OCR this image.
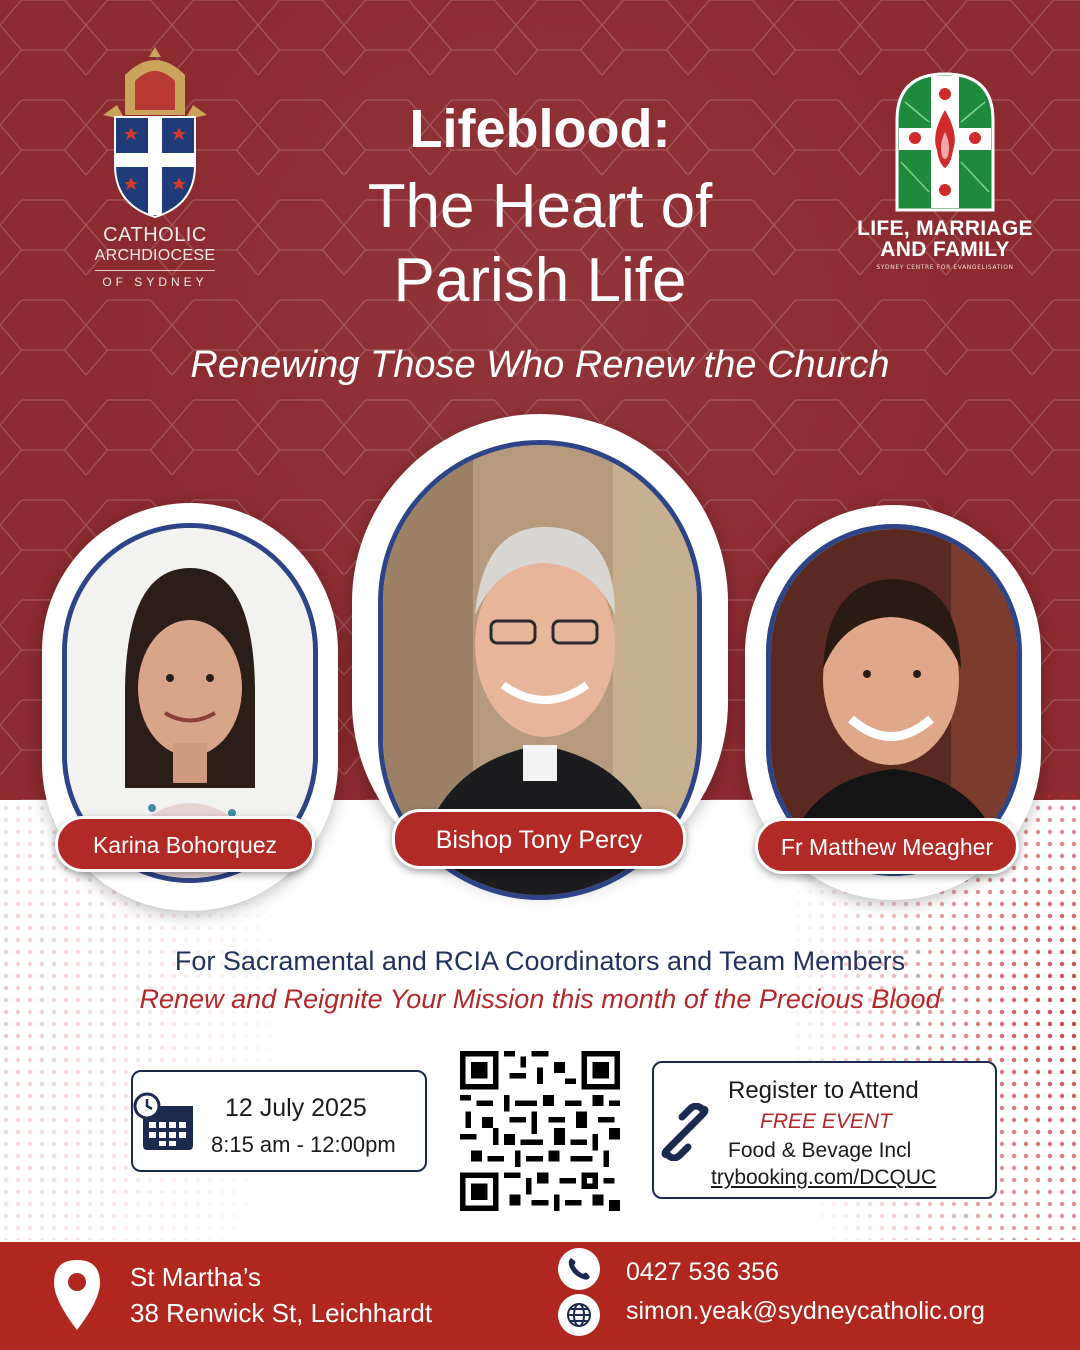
CATHOLIC
ARCHDIOCESE
OF SYDNEY
LIFE, MARRIAGE
AND FAMILY
SYDNEY CENTRE FOR EVANGELISATION
Lifeblood:
The Heart of
Parish Life
Renewing Those Who Renew the Church
Karina Bohorquez	Bishop Tony Percy	Fr Matthew Meagher
For Sacramental and RCIA Coordinators and Team Members
Renew and Reignite Your Mission this month of the Precious Blood
12 July 2025
8:15 am - 12:00pm
Register to Attend
FREE EVENT
Food & Bevage Incl
trybooking.com/DCQUC
St Martha’s
38 Renwick St, Leichhardt
0427 536 356
simon.yeak@sydneycatholic.org
